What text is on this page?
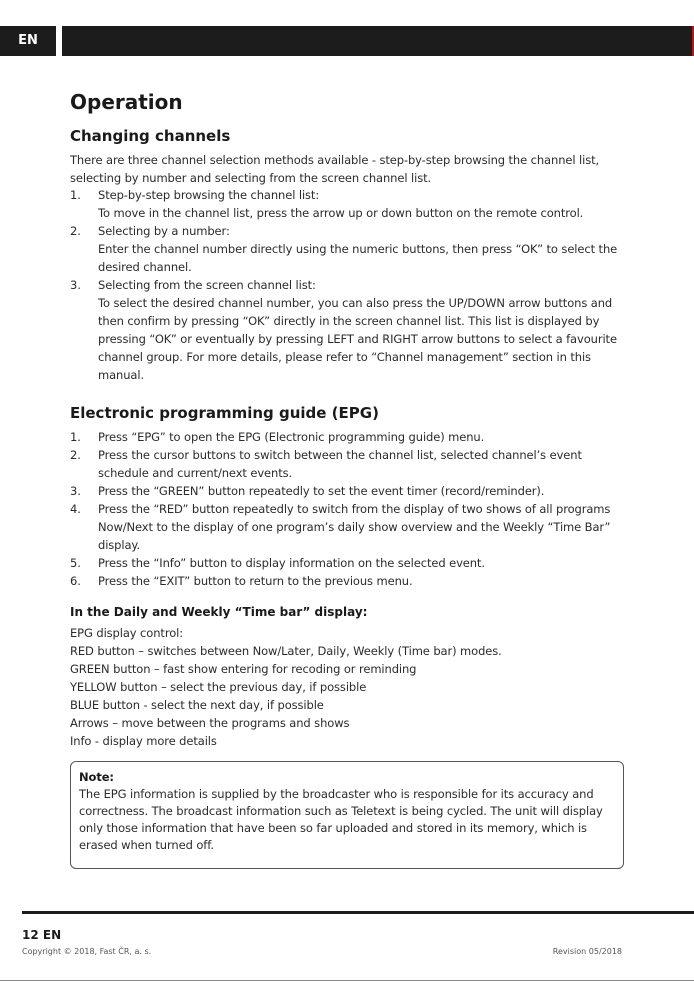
EN
Operation
Changing channels

There are three channel selection methods available - step-by-step browsing the channel list, selecting by number and selecting from the screen channel list.

1. Step-by-step browsing the channel list:
To move in the channel list, press the arrow up or down button on the remote control.
2. Selecting by a number:
Enter the channel number directly using the numeric buttons, then press “OK” to select the desired channel.
3. Selecting from the screen channel list:
To select the desired channel number, you can also press the UP/DOWN arrow buttons and then confirm by pressing “OK” directly in the screen channel list. This list is displayed by pressing “OK” or eventually by pressing LEFT and RIGHT arrow buttons to select a favourite channel group. For more details, please refer to “Channel management” section in this manual.
Electronic programming guide (EPG)
1. Press “EPG” to open the EPG (Electronic programming guide) menu.
2. Press the cursor buttons to switch between the channel list, selected channel’s event schedule and current/next events.
3. Press the “GREEN” button repeatedly to set the event timer (record/reminder).
4. Press the “RED” button repeatedly to switch from the display of two shows of all programs Now/Next to the display of one program’s daily show overview and the Weekly “Time Bar” display.
5. Press the “Info” button to display information on the selected event.
6. Press the “EXIT” button to return to the previous menu.

In the Daily and Weekly “Time bar” display:

EPG display control:
RED button – switches between Now/Later, Daily, Weekly (Time bar) modes.
GREEN button – fast show entering for recoding or reminding
YELLOW button – select the previous day, if possible
BLUE button - select the next day, if possible
Arrows – move between the programs and shows
Info - display more details
Note:
The EPG information is supplied by the broadcaster who is responsible for its accuracy and correctness. The broadcast information such as Teletext is being cycled. The unit will display only those information that have been so far uploaded and stored in its memory, which is erased when turned off.
12 EN
Copyright © 2018, Fast ČR, a. s.	Revision 05/2018
